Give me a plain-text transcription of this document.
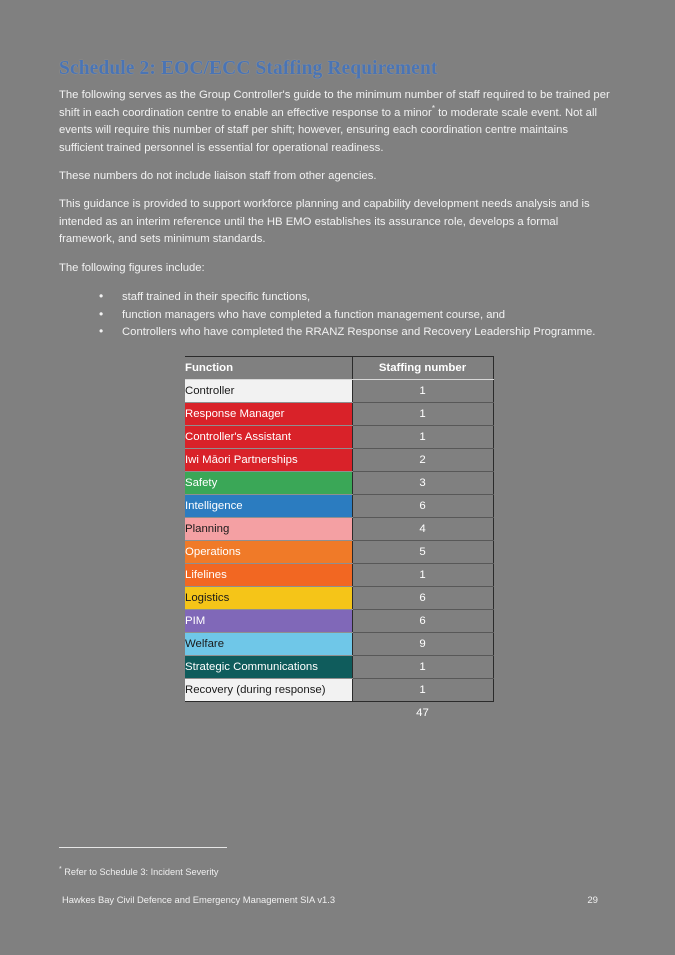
Schedule 2: EOC/ECC Staffing Requirement

The following serves as the Group Controller's guide to the minimum number of staff required to be trained per shift in each coordination centre to enable an effective response to a minor* to moderate scale event. Not all events will require this number of staff per shift; however, ensuring each coordination centre maintains sufficient trained personnel is essential for operational readiness.

These numbers do not include liaison staff from other agencies.

This guidance is provided to support workforce planning and capability development needs analysis and is intended as an interim reference until the HB EMO establishes its assurance role, develops a formal framework, and sets minimum standards.

The following figures include:

• staff trained in their specific functions,
• function managers who have completed a function management course, and
• Controllers who have completed the RRANZ Response and Recovery Leadership Programme.
Function	Staffing number
Controller	1
Response Manager	1
Controller's Assistant	1
Iwi Māori Partnerships	2
Safety	3
Intelligence	6
Planning	4
Operations	5
Lifelines	1
Logistics	6
PIM	6
Welfare	9
Strategic Communications	1
Recovery (during response)	1
	47
* Refer to Schedule 3: Incident Severity
Hawkes Bay Civil Defence and Emergency Management SIA v1.3	29
